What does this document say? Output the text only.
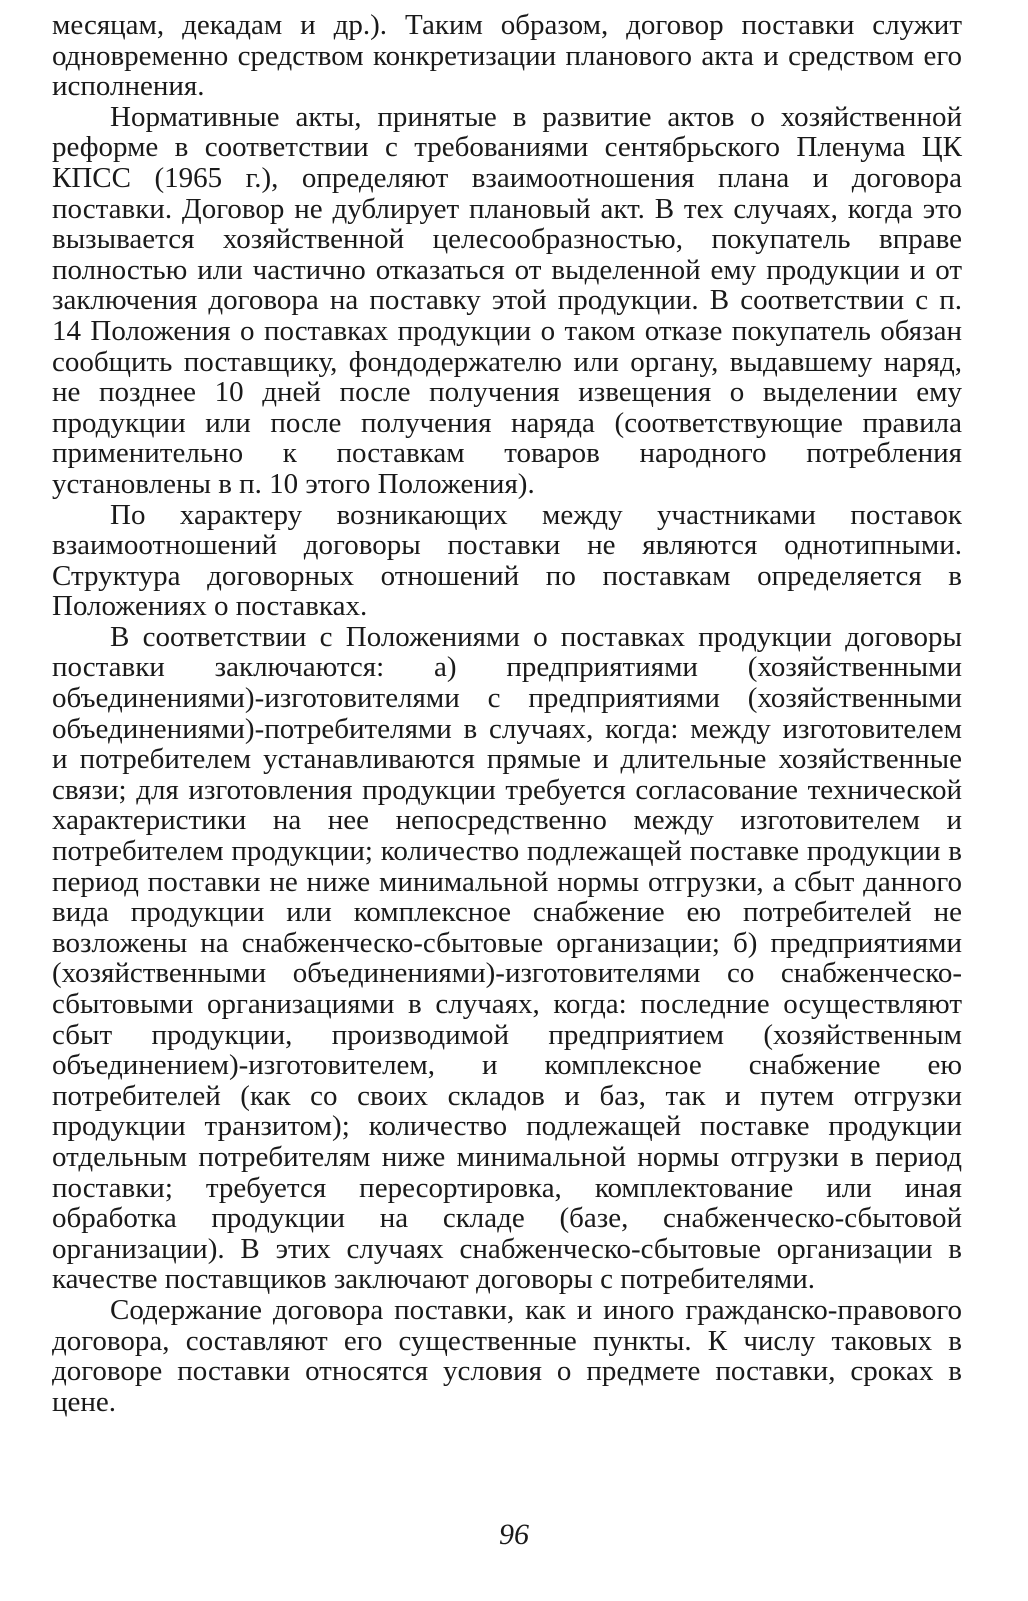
месяцам, декадам и др.). Таким образом, договор поставки служит одновременно средством конкретизации планового акта и средством его исполнения.

Нормативные акты, принятые в развитие актов о хозяйственной реформе в соответствии с требованиями сентябрьского Пленума ЦК КПСС (1965 г.), определяют взаимоотношения плана и договора поставки. Договор не дублирует плановый акт. В тех случаях, когда это вызывается хозяйственной целесообразностью, покупатель вправе полностью или частично отказаться от выделенной ему продукции и от заключения договора на поставку этой продукции. В соответствии с п. 14 Положения о поставках продукции о таком отказе покупатель обязан сообщить поставщику, фондодержателю или органу, выдавшему наряд, не позднее 10 дней после получения извещения о выделении ему продукции или после получения наряда (соответствующие правила применительно к поставкам товаров народного потребления установлены в п. 10 этого Положения).

По характеру возникающих между участниками поставок взаимоотношений договоры поставки не являются однотипными. Структура договорных отношений по поставкам определяется в Положениях о поставках.

В соответствии с Положениями о поставках продукции договоры поставки заключаются: а) предприятиями (хозяйственными объединениями)-изготовителями с предприятиями (хозяйственными объединениями)-потребителями в случаях, когда: между изготовителем и потребителем устанавливаются прямые и длительные хозяйственные связи; для изготовления продукции требуется согласование технической характеристики на нее непосредственно между изготовителем и потребителем продукции; количество подлежащей поставке продукции в период поставки не ниже минимальной нормы отгрузки, а сбыт данного вида продукции или комплексное снабжение ею потребителей не возложены на снабженческо-сбытовые организации; б) предприятиями (хозяйственными объединениями)-изготовителями со снабженческо-сбытовыми организациями в случаях, когда: последние осуществляют сбыт продукции, производимой предприятием (хозяйственным объединением)-изготовителем, и комплексное снабжение ею потребителей (как со своих складов и баз, так и путем отгрузки продукции транзитом); количество подлежащей поставке продукции отдельным потребителям ниже минимальной нормы отгрузки в период поставки; требуется пересортировка, комплектование или иная обработка продукции на складе (базе, снабженческо-сбытовой организации). В этих случаях снабженческо-сбытовые организации в качестве поставщиков заключают договоры с потребителями.

Содержание договора поставки, как и иного гражданско-правового договора, составляют его существенные пункты. К числу таковых в договоре поставки относятся условия о предмете поставки, сроках в цене.

96
